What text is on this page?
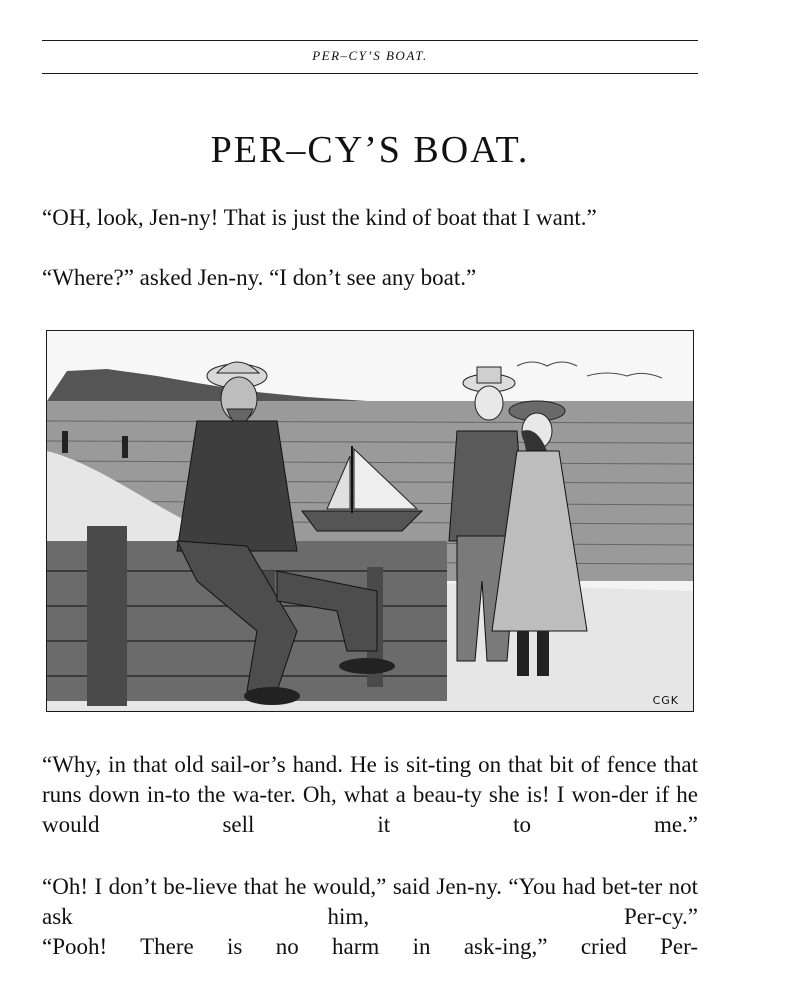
PER–CY’S BOAT.
PER–CY’S BOAT.

“OH, look, Jen-ny! That is just the kind of boat that I want.”

“Where?” asked Jen-ny. “I don’t see any boat.”

CGK

“Why, in that old sail-or’s hand. He is sit-ting on that bit of fence that runs down in-to the wa-ter. Oh, what a beau-ty she is! I won-der if he would sell it to me.”

“Oh! I don’t be-lieve that he would,” said Jen-ny. “You had bet-ter not ask him, Per-cy.”

“Pooh! There is no harm in ask-ing,” cried Per-
